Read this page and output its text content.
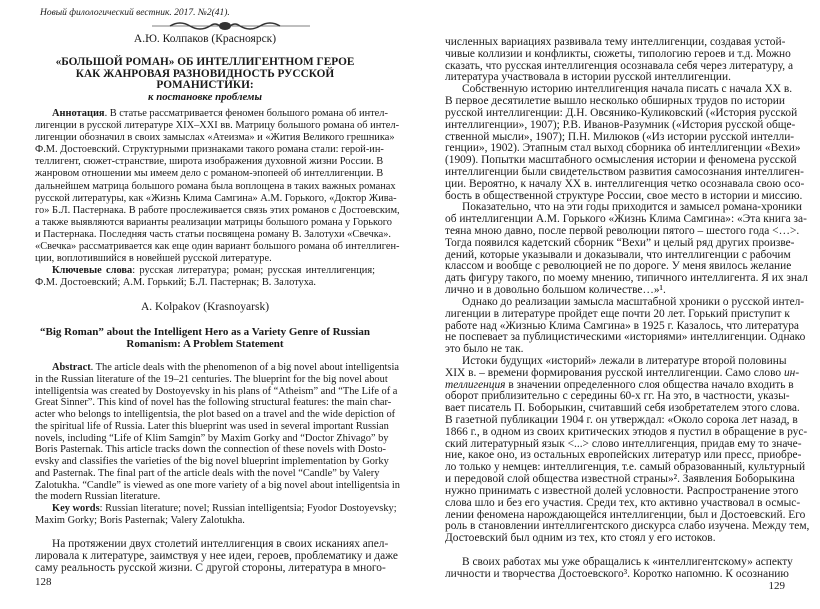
Новый филологический вестник. 2017. №2(41).
А.Ю. Колпаков (Красноярск)
«БОЛЬШОЙ РОМАН» ОБ ИНТЕЛЛИГЕНТНОМ ГЕРОЕ
КАК ЖАНРОВАЯ РАЗНОВИДНОСТЬ РУССКОЙ
РОМАНИСТИКИ:
к постановке проблемы
Аннотация. В статье рассматривается феномен большого романа об интел-
лигенции в русской литературе XIX–XXI вв. Матрицу большого романа об интел-
лигенции обозначил в своих замыслах «Атеизма» и «Жития Великого грешника»
Ф.М. Достоевский. Структурными признаками такого романа стали: герой-ин-
теллигент, сюжет-странствие, широта изображения духовной жизни России. В
жанровом отношении мы имеем дело с романом-эпопеей об интеллигенции. В
дальнейшем матрица большого романа была воплощена в таких важных романах
русской литературы, как «Жизнь Клима Самгина» А.М. Горького, «Доктор Жива-
го» Б.Л. Пастернака. В работе прослеживается связь этих романов с Достоевским,
а также выявляются варианты реализации матрицы большого романа у Горького
и Пастернака. Последняя часть статьи посвящена роману В. Залотухи «Свечка».
«Свечка» рассматривается как еще один вариант большого романа об интеллиген-
ции, воплотившийся в новейшей русской литературе.
Ключевые слова: русская литература; роман; русская интеллигенция;
Ф.М. Достоевский; А.М. Горький; Б.Л. Пастернак; В. Залотуха.
A. Kolpakov (Krasnoyarsk)
“Big Roman” about the Intelligent Hero as a Variety Genre of Russian
Romanism: A Problem Statement
Abstract. The article deals with the phenomenon of a big novel about intelligentsia
in the Russian literature of the 19–21 centuries. The blueprint for the big novel about
intelligentsia was created by Dostoyevsky in his plans of “Atheism” and “The Life of a
Great Sinner”. This kind of novel has the following structural features: the main char-
acter who belongs to intelligentsia, the plot based on a travel and the wide depiction of
the spiritual life of Russia. Later this blueprint was used in several important Russian
novels, including “Life of Klim Samgin” by Maxim Gorky and “Doctor Zhivago” by
Boris Pasternak. This article tracks down the connection of these novels with Dosto-
evsky and classifies the varieties of the big novel blueprint implementation by Gorky
and Pasternak. The final part of the article deals with the novel “Candle” by Valery
Zalotukha. “Candle” is viewed as one more variety of a big novel about intelligentsia in
the modern Russian literature.
Key words: Russian literature; novel; Russian intelligentsia; Fyodor Dostoyevsky;
Maxim Gorky; Boris Pasternak; Valery Zalotukha.
На протяжении двух столетий интеллигенция в своих исканиях апел-
лировала к литературе, заимствуя у нее идеи, героев, проблематику и даже
саму реальность русской жизни. С другой стороны, литература в много-
128
численных вариациях развивала тему интеллигенции, создавая устой-
чивые коллизии и конфликты, сюжеты, типологию героев и т.д. Можно
сказать, что русская интеллигенция осознавала себя через литературу, а
литература участвовала в истории русской интеллигенции.
Собственную историю интеллигенция начала писать с начала XX в.
В первое десятилетие вышло несколько обширных трудов по истории
русской интеллигенции: Д.Н. Овсянико-Куликовский («История русской
интеллигенции», 1907); Р.В. Иванов-Разумник («История русской обще-
ственной мысли», 1907); П.Н. Милюков («Из истории русской интелли-
генции», 1902). Этапным стал выход сборника об интеллигенции «Вехи»
(1909). Попытки масштабного осмысления истории и феномена русской
интеллигенции были свидетельством развития самосознания интеллиген-
ции. Вероятно, к началу XX в. интеллигенция четко осознавала свою осо-
бость в общественной структуре России, свое место в истории и миссию.
Показательно, что на эти годы приходится и замысел романа-хроники
об интеллигенции А.М. Горького «Жизнь Клима Самгина»: «Эта книга за-
теяна мною давно, после первой революции пятого – шестого года <…>.
Тогда появился кадетский сборник “Вехи” и целый ряд других произве-
дений, которые указывали и доказывали, что интеллигенции с рабочим
классом и вообще с революцией не по дороге. У меня явилось желание
дать фигуру такого, по моему мнению, типичного интеллигента. Я их знал
лично и в довольно большом количестве…»¹.
Однако до реализации замысла масштабной хроники о русской интел-
лигенции в литературе пройдет еще почти 20 лет. Горький приступит к
работе над «Жизнью Клима Самгина» в 1925 г. Казалось, что литература
не поспевает за публицистическими «историями» интеллигенции. Однако
это было не так.
Истоки будущих «историй» лежали в литературе второй половины
XIX в. – времени формирования русской интеллигенции. Само слово ин-
теллигенция в значении определенного слоя общества начало входить в
оборот приблизительно с середины 60-х гг. На это, в частности, указы-
вает писатель П. Боборыкин, считавший себя изобретателем этого слова.
В газетной публикации 1904 г. он утверждал: «Около сорока лет назад, в
1866 г., в одном из своих критических этюдов я пустил в обращение в рус-
ский литературный язык <...> слово интеллигенция, придав ему то значе-
ние, какое оно, из остальных европейских литератур или пресс, приобре-
ло только у немцев: интеллигенция, т.е. самый образованный, культурный
и передовой слой общества известной страны»². Заявления Боборыкина
нужно принимать с известной долей условности. Распространение этого
слова шло и без его участия. Среди тех, кто активно участвовал в осмыс-
лении феномена нарождающейся интеллигенции, был и Достоевский. Его
роль в становлении интеллигентского дискурса слабо изучена. Между тем,
Достоевский был одним из тех, кто стоял у его истоков.
В своих работах мы уже обращались к «интеллигентскому» аспекту
личности и творчества Достоевского³. Коротко напомню. К осознанию
129
